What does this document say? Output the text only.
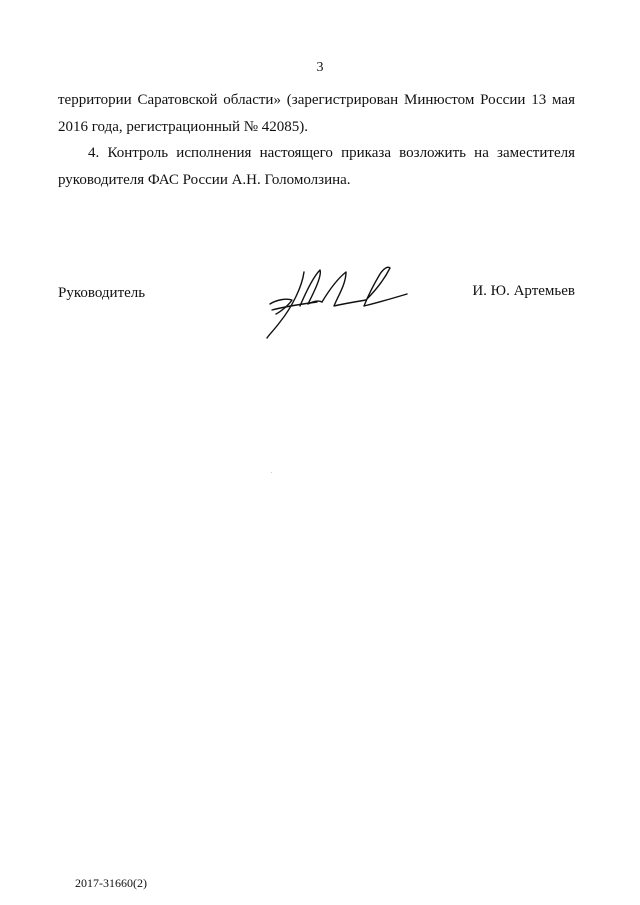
3

территории Саратовской области» (зарегистрирован Минюстом России 13 мая 2016 года, регистрационный № 42085).

4. Контроль исполнения настоящего приказа возложить на заместителя руководителя ФАС России А.Н. Голомолзина.

Руководитель	И. Ю. Артемьев
2017-31660(2)
